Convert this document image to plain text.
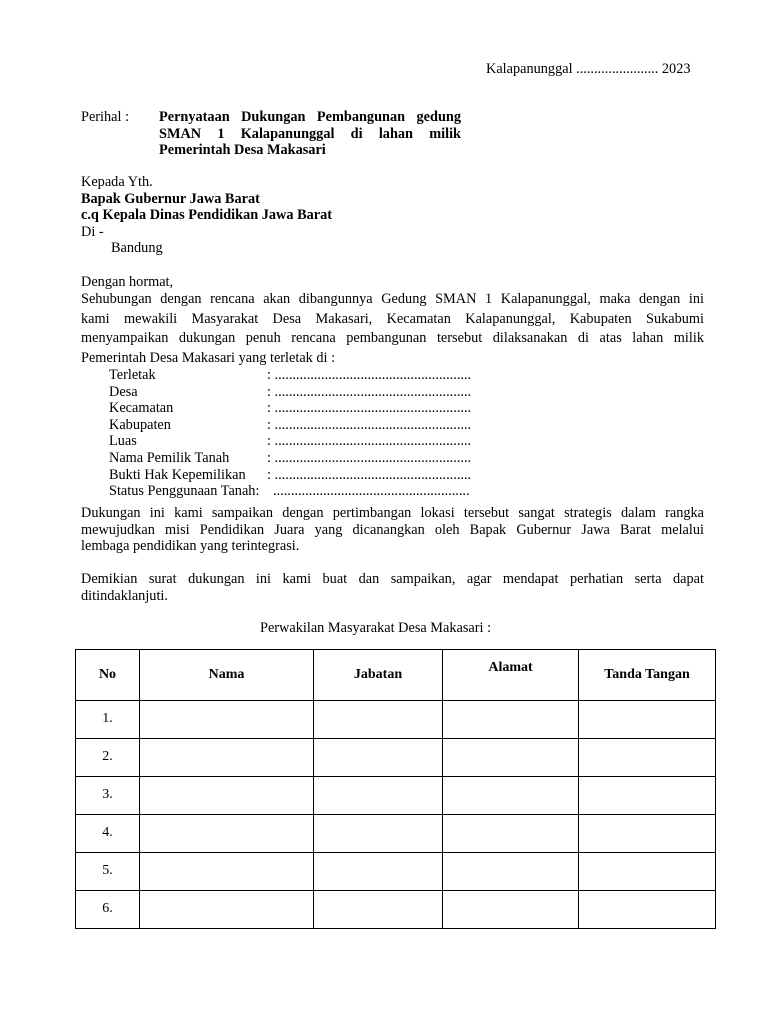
Kalapanunggal ....................... 2023
Perihal : Pernyataan Dukungan Pembangunan gedung
SMAN 1 Kalapanunggal di lahan milik
Pemerintah Desa Makasari
Kepada Yth.
Bapak Gubernur Jawa Barat
c.q Kepala Dinas Pendidikan Jawa Barat
Di -
Bandung
Dengan hormat,
Sehubungan dengan rencana akan dibangunnya Gedung SMAN 1 Kalapanunggal, maka dengan ini
kami mewakili Masyarakat Desa Makasari, Kecamatan Kalapanunggal, Kabupaten Sukabumi
menyampaikan dukungan penuh rencana pembangunan tersebut dilaksanakan di atas lahan milik
Pemerintah Desa Makasari yang terletak di :
Terletak	: .......................................................
Desa	: .......................................................
Kecamatan	: .......................................................
Kabupaten	: .......................................................
Luas	: .......................................................
Nama Pemilik Tanah	: .......................................................
Bukti Hak Kepemilikan : .......................................................
Status Penggunaan Tanah: .......................................................
Dukungan ini kami sampaikan dengan pertimbangan lokasi tersebut sangat strategis dalam rangka
mewujudkan misi Pendidikan Juara yang dicanangkan oleh Bapak Gubernur Jawa Barat melalui
lembaga pendidikan yang terintegrasi.
Demikian surat dukungan ini kami buat dan sampaikan, agar mendapat perhatian serta dapat
ditindaklanjuti.
Perwakilan Masyarakat Desa Makasari :
No	Nama	Jabatan	Alamat	Tanda Tangan
1.				
2.				
3.				
4.				
5.				
6.				
